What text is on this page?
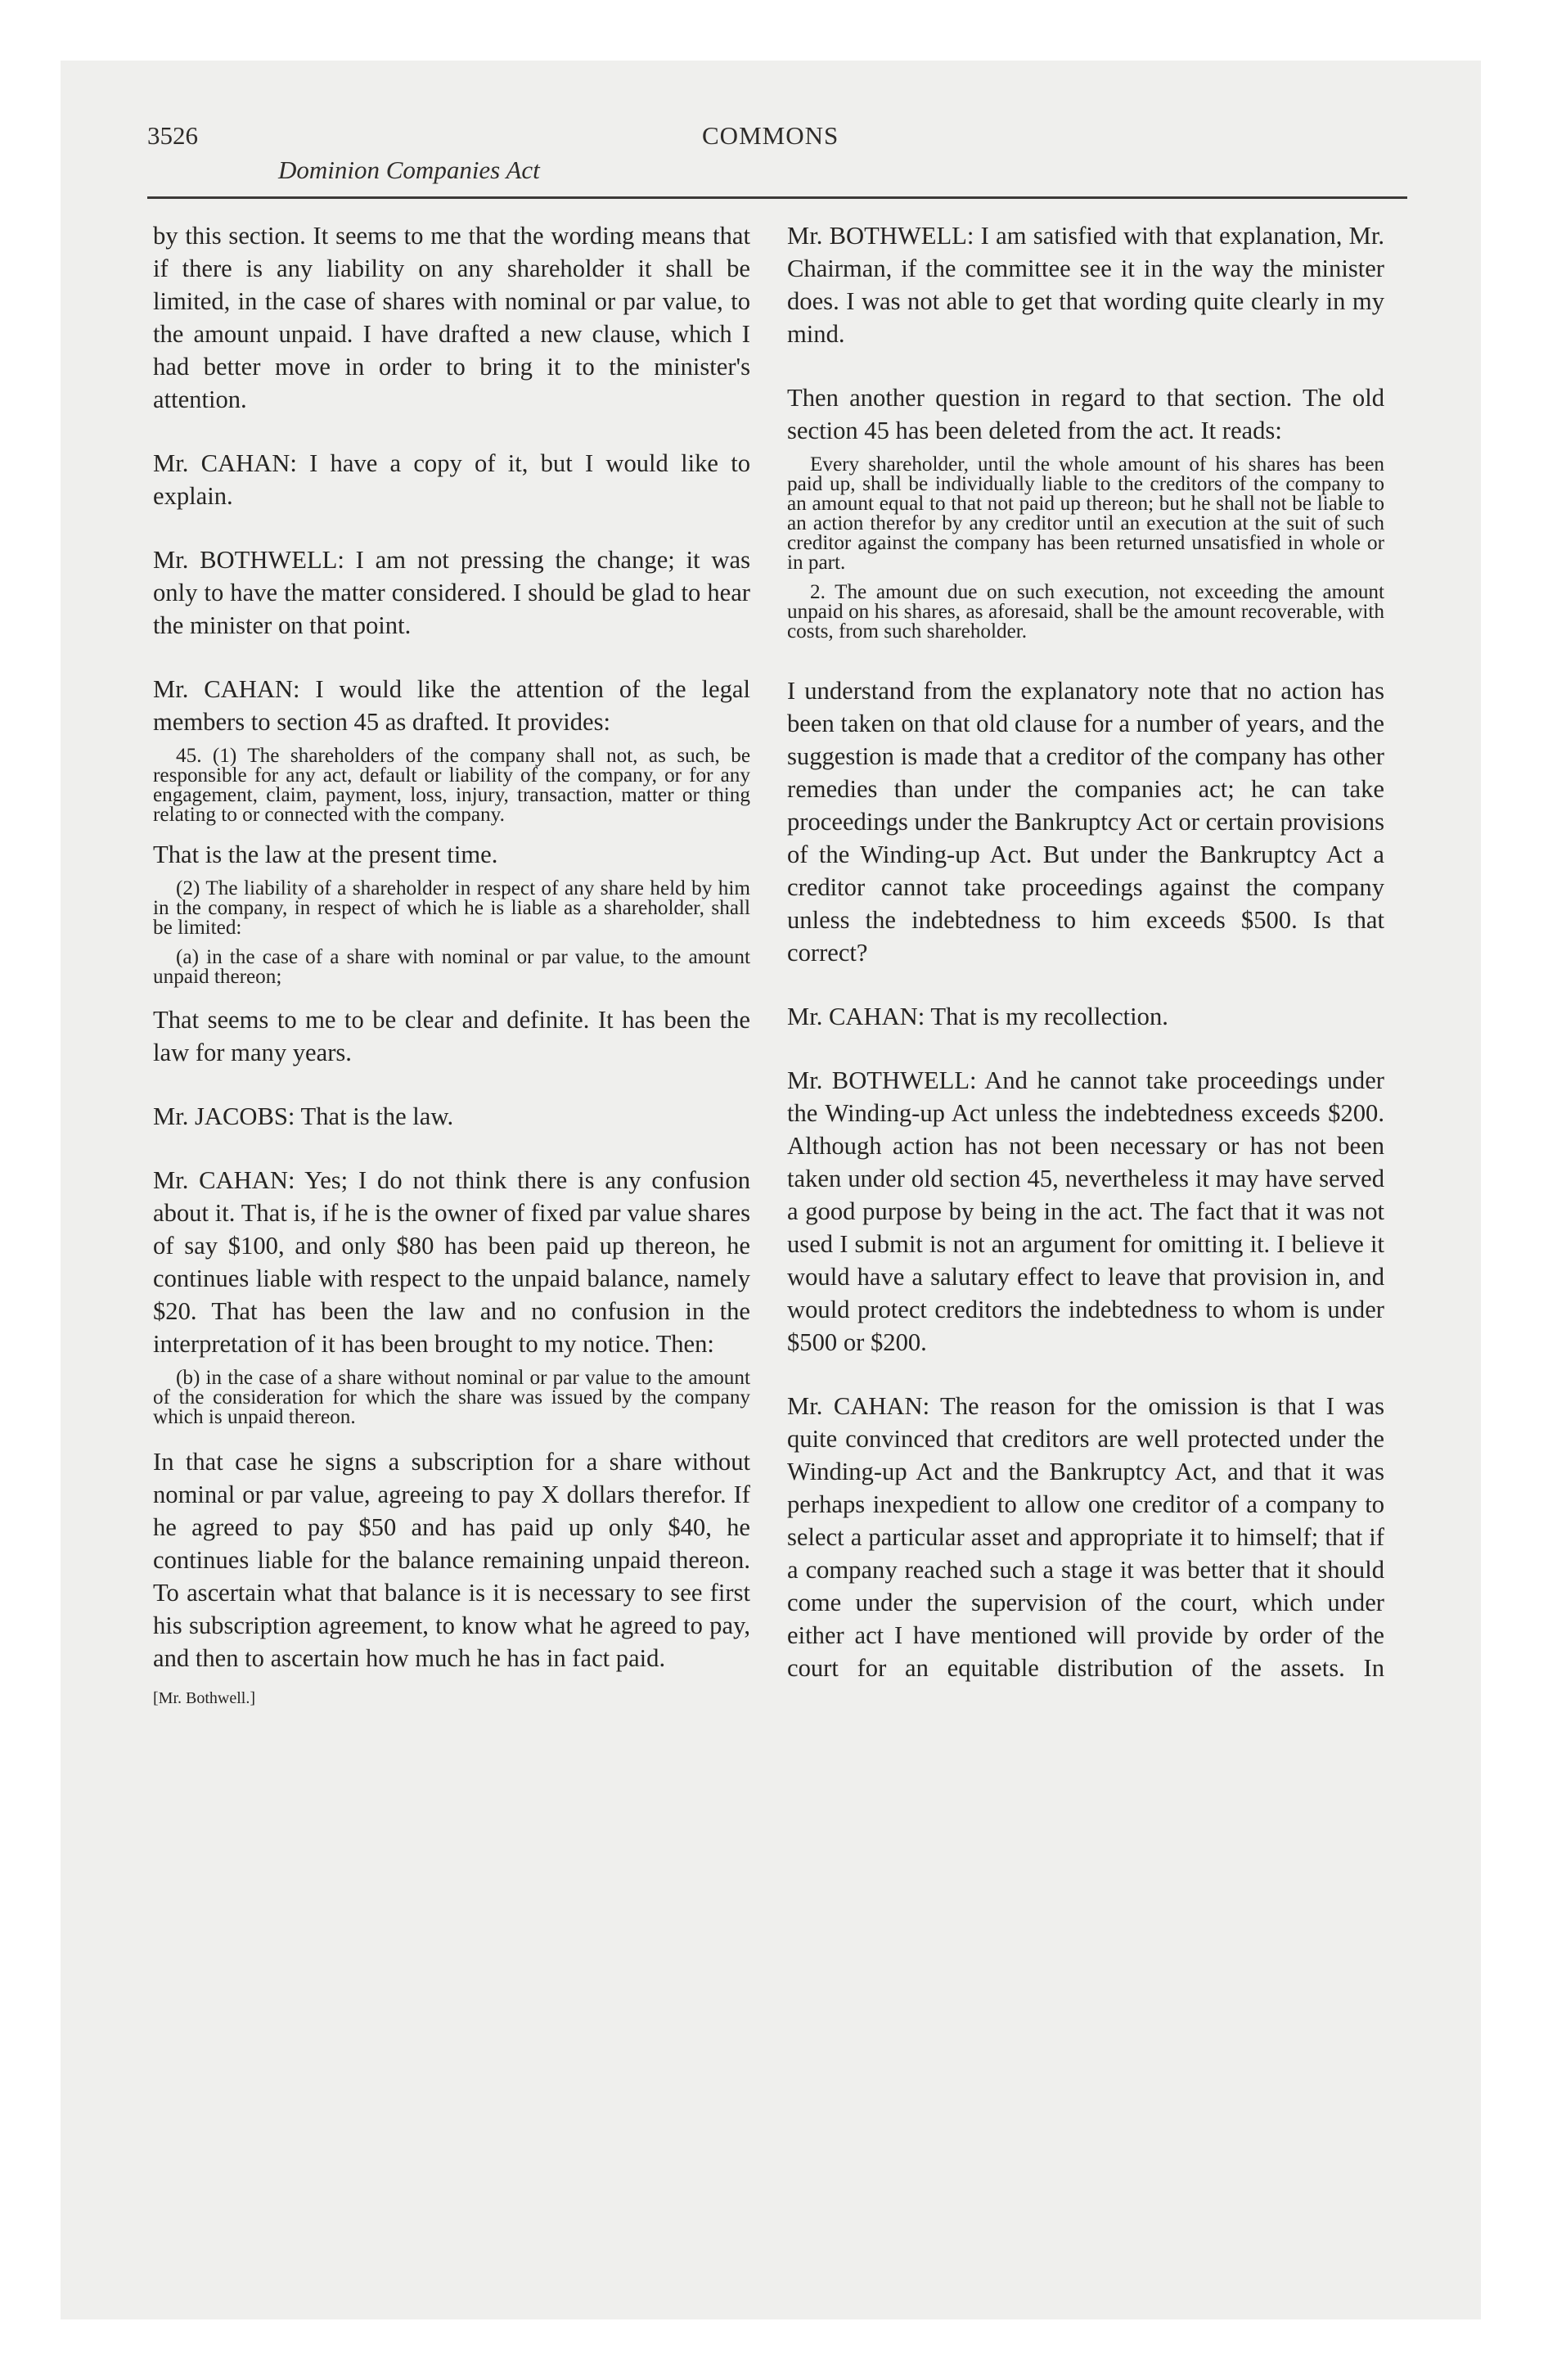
3526	COMMONS
Dominion Companies Act

by this section. It seems to me that the wording means that if there is any liability on any shareholder it shall be limited, in the case of shares with nominal or par value, to the amount unpaid. I have drafted a new clause, which I had better move in order to bring it to the minister's attention.

Mr. CAHAN: I have a copy of it, but I would like to explain.

Mr. BOTHWELL: I am not pressing the change; it was only to have the matter considered. I should be glad to hear the minister on that point.

Mr. CAHAN: I would like the attention of the legal members to section 45 as drafted. It provides:

45. (1) The shareholders of the company shall not, as such, be responsible for any act, default or liability of the company, or for any engagement, claim, payment, loss, injury, transaction, matter or thing relating to or connected with the company.

That is the law at the present time.

(2) The liability of a shareholder in respect of any share held by him in the company, in respect of which he is liable as a shareholder, shall be limited:

(a) in the case of a share with nominal or par value, to the amount unpaid thereon;

That seems to me to be clear and definite. It has been the law for many years.

Mr. JACOBS: That is the law.

Mr. CAHAN: Yes; I do not think there is any confusion about it. That is, if he is the owner of fixed par value shares of say $100, and only $80 has been paid up thereon, he continues liable with respect to the unpaid balance, namely $20. That has been the law and no confusion in the interpretation of it has been brought to my notice. Then:

(b) in the case of a share without nominal or par value to the amount of the consideration for which the share was issued by the company which is unpaid thereon.

In that case he signs a subscription for a share without nominal or par value, agreeing to pay X dollars therefor. If he agreed to pay $50 and has paid up only $40, he continues liable for the balance remaining unpaid thereon. To ascertain what that balance is it is necessary to see first his subscription agreement, to know what he agreed to pay, and then to ascertain how much he has in fact paid.

[Mr. Bothwell.]

Mr. BOTHWELL: I am satisfied with that explanation, Mr. Chairman, if the committee see it in the way the minister does. I was not able to get that wording quite clearly in my mind.

Then another question in regard to that section. The old section 45 has been deleted from the act. It reads:

Every shareholder, until the whole amount of his shares has been paid up, shall be individually liable to the creditors of the company to an amount equal to that not paid up thereon; but he shall not be liable to an action therefor by any creditor until an execution at the suit of such creditor against the company has been returned unsatisfied in whole or in part.

2. The amount due on such execution, not exceeding the amount unpaid on his shares, as aforesaid, shall be the amount recoverable, with costs, from such shareholder.

I understand from the explanatory note that no action has been taken on that old clause for a number of years, and the suggestion is made that a creditor of the company has other remedies than under the companies act; he can take proceedings under the Bankruptcy Act or certain provisions of the Winding-up Act. But under the Bankruptcy Act a creditor cannot take proceedings against the company unless the indebtedness to him exceeds $500. Is that correct?

Mr. CAHAN: That is my recollection.

Mr. BOTHWELL: And he cannot take proceedings under the Winding-up Act unless the indebtedness exceeds $200. Although action has not been necessary or has not been taken under old section 45, nevertheless it may have served a good purpose by being in the act. The fact that it was not used I submit is not an argument for omitting it. I believe it would have a salutary effect to leave that provision in, and would protect creditors the indebtedness to whom is under $500 or $200.

Mr. CAHAN: The reason for the omission is that I was quite convinced that creditors are well protected under the Winding-up Act and the Bankruptcy Act, and that it was perhaps inexpedient to allow one creditor of a company to select a particular asset and appropriate it to himself; that if a company reached such a stage it was better that it should come under the supervision of the court, which under either act I have mentioned will provide by order of the court for an equitable distribution of the assets. In
